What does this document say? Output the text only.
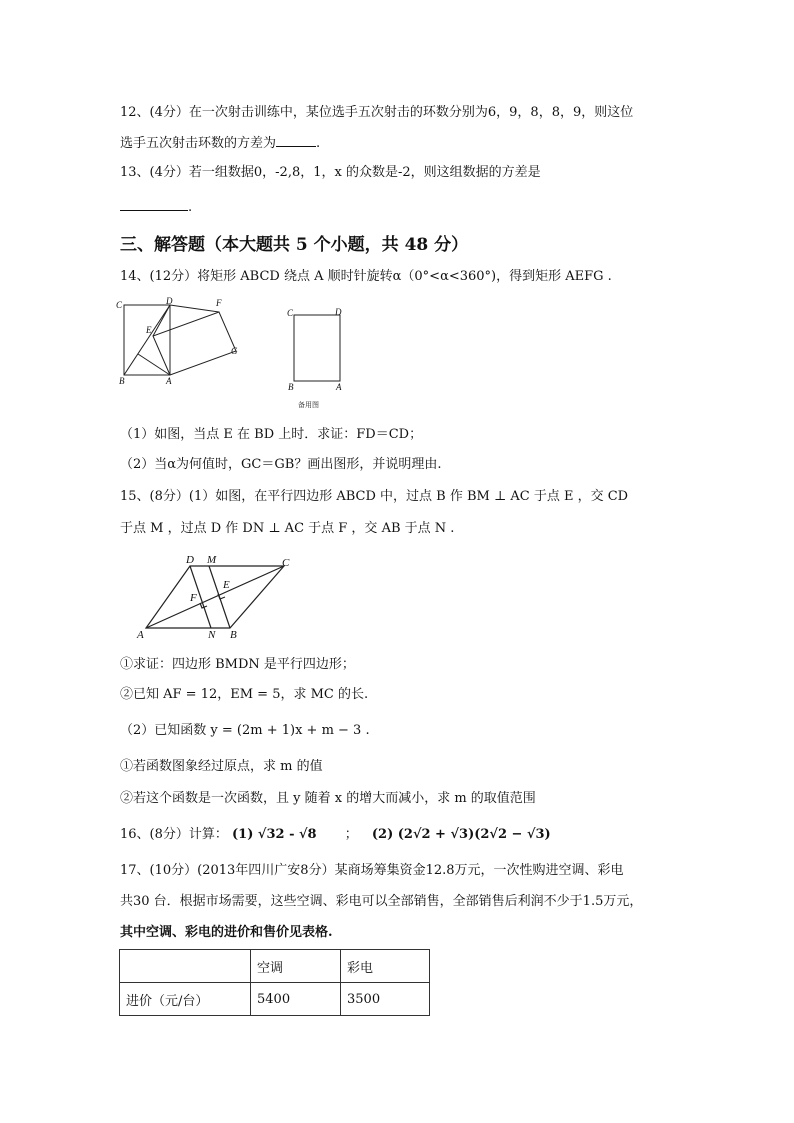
12、(4分）在一次射击训练中，某位选手五次射击的环数分别为6，9，8，8，9，则这位
选手五次射击环数的方差为	.
13、(4分）若一组数据0，-2,8，1，x 的众数是-2，则这组数据的方差是
.
三、解答题（本大题共 5 个小题，共 48 分）
14、(12分）将矩形 ABCD 绕点 A 顺时针旋转α（0°<α<360°)，得到矩形 AEFG .
C	D	F
E
G
B	A
C	D
B	A
备用图
（1）如图，当点 E 在 BD 上时．求证：FD＝CD；
（2）当α为何值时，GC＝GB？画出图形，并说明理由.
15、(8分）(1）如图，在平行四边形 ABCD 中，过点 B 作 BM ⊥ AC 于点 E ，交 CD
于点 M ，过点 D 作 DN ⊥ AC 于点 F ，交 AB 于点 N .
D M	C
E
F
A	N B
①求证：四边形 BMDN 是平行四边形；
②已知 AF = 12，EM = 5，求 MC 的长.
（2）已知函数 y = (2m + 1)x + m − 3 .
①若函数图象经过原点，求 m 的值
②若这个函数是一次函数，且 y 随着 x 的增大而减小，求 m 的取值范围
16、(8分）计算： (1) √32 - √8 ； (2) (2√2 + √3)(2√2 − √3)
17、(10分）(2013年四川广安8分）某商场筹集资金12.8万元，一次性购进空调、彩电
共30 台．根据市场需要，这些空调、彩电可以全部销售，全部销售后利润不少于1.5万元，
其中空调、彩电的进价和售价见表格.
	空调	彩电
进价（元/台）	5400	3500
